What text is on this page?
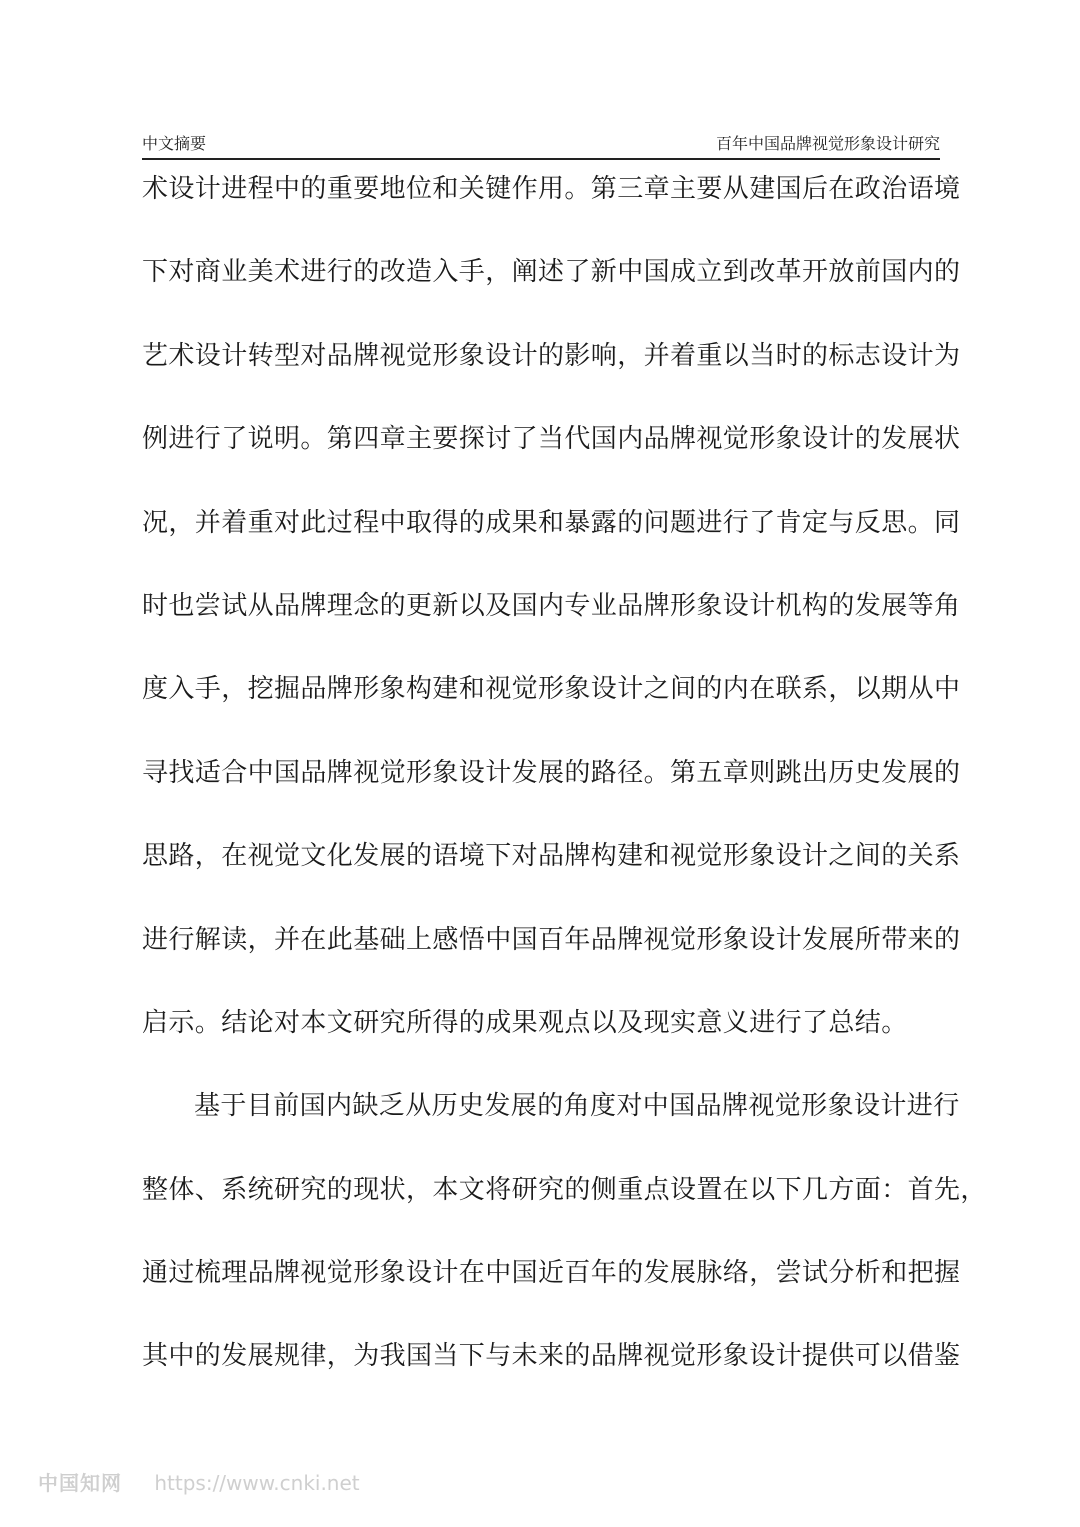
中文摘要	百年中国品牌视觉形象设计研究
术设计进程中的重要地位和关键作用。第三章主要从建国后在政治语境
下对商业美术进行的改造入手，阐述了新中国成立到改革开放前国内的
艺术设计转型对品牌视觉形象设计的影响，并着重以当时的标志设计为
例进行了说明。第四章主要探讨了当代国内品牌视觉形象设计的发展状
况，并着重对此过程中取得的成果和暴露的问题进行了肯定与反思。同
时也尝试从品牌理念的更新以及国内专业品牌形象设计机构的发展等角
度入手，挖掘品牌形象构建和视觉形象设计之间的内在联系，以期从中
寻找适合中国品牌视觉形象设计发展的路径。第五章则跳出历史发展的
思路，在视觉文化发展的语境下对品牌构建和视觉形象设计之间的关系
进行解读，并在此基础上感悟中国百年品牌视觉形象设计发展所带来的
启示。结论对本文研究所得的成果观点以及现实意义进行了总结。
基于目前国内缺乏从历史发展的角度对中国品牌视觉形象设计进行
整体、系统研究的现状，本文将研究的侧重点设置在以下几方面：首先，
通过梳理品牌视觉形象设计在中国近百年的发展脉络，尝试分析和把握
其中的发展规律，为我国当下与未来的品牌视觉形象设计提供可以借鉴
中国知网 https://www.cnki.net
